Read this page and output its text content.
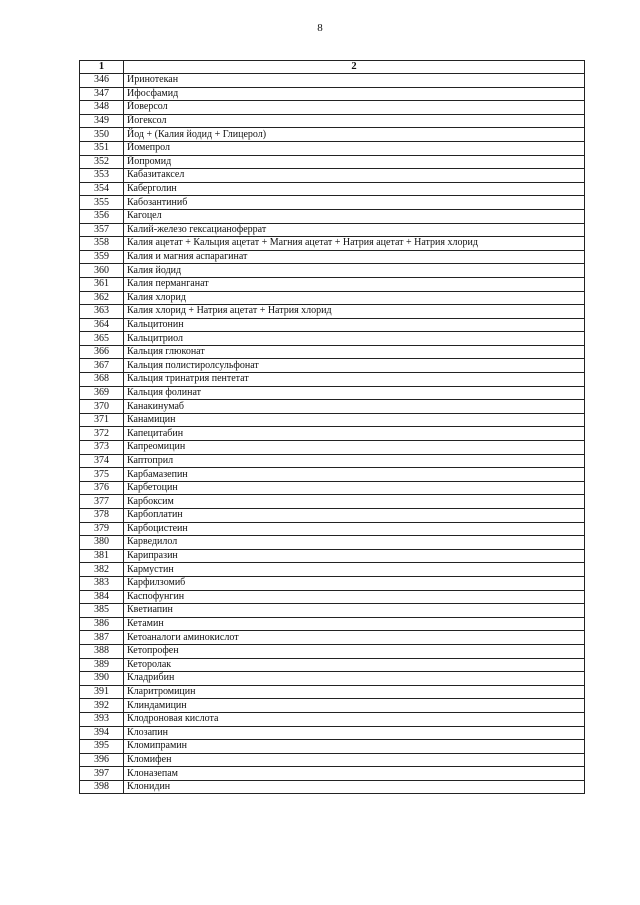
8
1	2
346	Иринотекан
347	Ифосфамид
348	Йоверсол
349	Йогексол
350	Йод + (Калия йодид + Глицерол)
351	Йомепрол
352	Йопромид
353	Кабазитаксел
354	Каберголин
355	Кабозантиниб
356	Кагоцел
357	Калий-железо гексацианоферрат
358	Калия ацетат + Кальция ацетат + Магния ацетат + Натрия ацетат + Натрия хлорид
359	Калия и магния аспарагинат
360	Калия йодид
361	Калия перманганат
362	Калия хлорид
363	Калия хлорид + Натрия ацетат + Натрия хлорид
364	Кальцитонин
365	Кальцитриол
366	Кальция глюконат
367	Кальция полистиролсульфонат
368	Кальция тринатрия пентетат
369	Кальция фолинат
370	Канакинумаб
371	Канамицин
372	Капецитабин
373	Капреомицин
374	Каптоприл
375	Карбамазепин
376	Карбетоцин
377	Карбоксим
378	Карбоплатин
379	Карбоцистеин
380	Карведилол
381	Карипразин
382	Кармустин
383	Карфилзомиб
384	Каспофунгин
385	Кветиапин
386	Кетамин
387	Кетоаналоги аминокислот
388	Кетопрофен
389	Кеторолак
390	Кладрибин
391	Кларитромицин
392	Клиндамицин
393	Клодроновая кислота
394	Клозапин
395	Кломипрамин
396	Кломифен
397	Клоназепам
398	Клонидин
